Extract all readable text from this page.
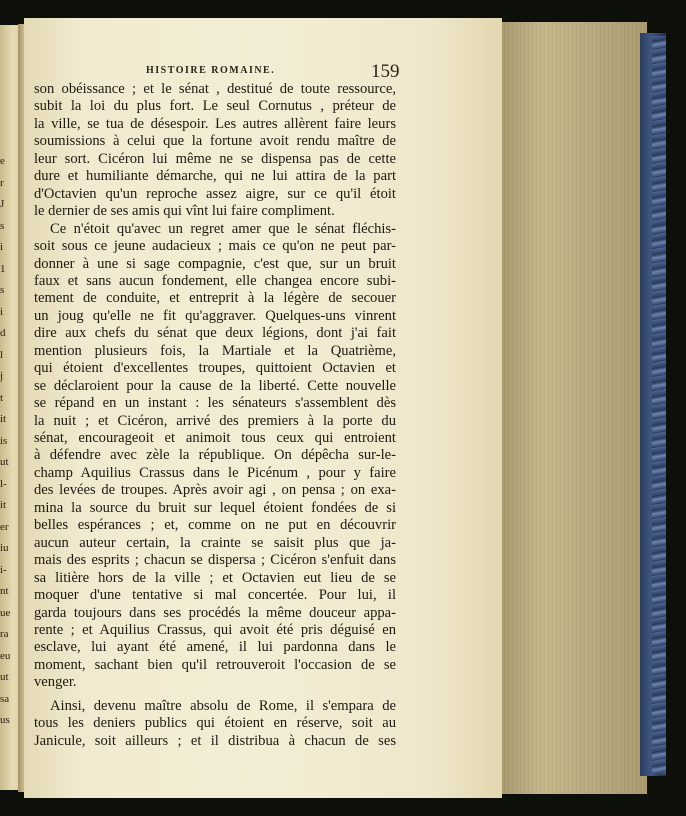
e
r
J
s
i
1
s
i
d
l
j
t
it
is
ut
l-
it
er
iu
i-
nt
ue
ra
eu
ut
sa
us
HISTOIRE ROMAINE.	159
son obéissance ; et le sénat , destitué de toute ressource,
subit la loi du plus fort. Le seul Cornutus , préteur de
la ville, se tua de désespoir. Les autres allèrent faire leurs
soumissions à celui que la fortune avoit rendu maître de
leur sort. Cicéron lui même ne se dispensa pas de cette
dure et humiliante démarche, qui ne lui attira de la part
d'Octavien qu'un reproche assez aigre, sur ce qu'il étoit
le dernier de ses amis qui vînt lui faire compliment.
Ce n'étoit qu'avec un regret amer que le sénat fléchis-
soit sous ce jeune audacieux ; mais ce qu'on ne peut par-
donner à une si sage compagnie, c'est que, sur un bruit
faux et sans aucun fondement, elle changea encore subi-
tement de conduite, et entreprit à la légère de secouer
un joug qu'elle ne fit qu'aggraver. Quelques-uns vinrent
dire aux chefs du sénat que deux légions, dont j'ai fait
mention plusieurs fois, la Martiale et la Quatrième,
qui étoient d'excellentes troupes, quittoient Octavien et
se déclaroient pour la cause de la liberté. Cette nouvelle
se répand en un instant : les sénateurs s'assemblent dès
la nuit ; et Cicéron, arrivé des premiers à la porte du
sénat, encourageoit et animoit tous ceux qui entroient
à défendre avec zèle la république. On dépêcha sur-le-
champ Aquilius Crassus dans le Picénum , pour y faire
des levées de troupes. Après avoir agi , on pensa ; on exa-
mina la source du bruit sur lequel étoient fondées de si
belles espérances ; et, comme on ne put en découvrir
aucun auteur certain, la crainte se saisit plus que ja-
mais des esprits ; chacun se dispersa ; Cicéron s'enfuit dans
sa litière hors de la ville ; et Octavien eut lieu de se
moquer d'une tentative si mal concertée. Pour lui, il
garda toujours dans ses procédés la même douceur appa-
rente ; et Aquilius Crassus, qui avoit été pris déguisé en
esclave, lui ayant été amené, il lui pardonna dans le
moment, sachant bien qu'il retrouveroit l'occasion de se
venger.
Ainsi, devenu maître absolu de Rome, il s'empara de
tous les deniers publics qui étoient en réserve, soit au
Janicule, soit ailleurs ; et il distribua à chacun de ses
